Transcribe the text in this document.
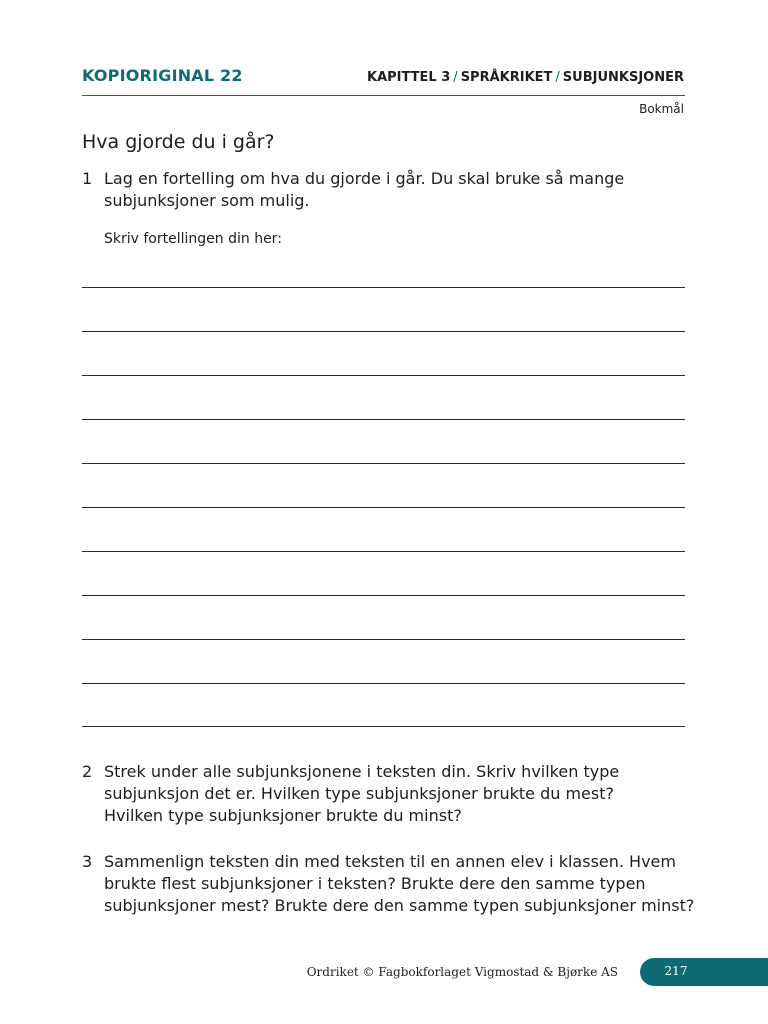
KOPIORIGINAL 22	KAPITTEL 3 / SPRÅKRIKET / SUBJUNKSJONER
Bokmål
Hva gjorde du i går?
1 Lag en fortelling om hva du gjorde i går. Du skal bruke så mange
subjunksjoner som mulig.
Skriv fortellingen din her:
2 Strek under alle subjunksjonene i teksten din. Skriv hvilken type
subjunksjon det er. Hvilken type subjunksjoner brukte du mest?
Hvilken type subjunksjoner brukte du minst?
3 Sammenlign teksten din med teksten til en annen elev i klassen. Hvem
brukte flest subjunksjoner i teksten? Brukte dere den samme typen
subjunksjoner mest? Brukte dere den samme typen subjunksjoner minst?
Ordriket © Fagbokforlaget Vigmostad & Bjørke AS	217
